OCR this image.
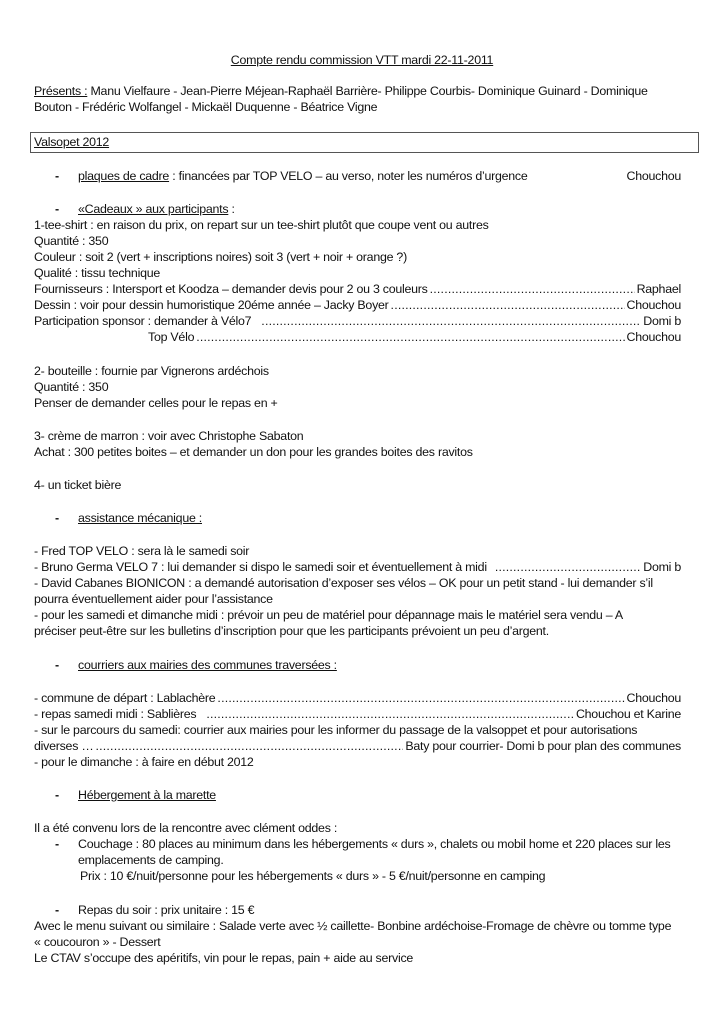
Compte rendu commission VTT mardi 22-11-2011
Présents : Manu Vielfaure - Jean-Pierre Méjean-Raphaël Barrière- Philippe Courbis- Dominique Guinard - Dominique
Bouton - Frédéric Wolfangel - Mickaël Duquenne - Béatrice Vigne
Valsopet 2012
- plaques de cadre : financées par TOP VELO – au verso, noter les numéros d’urgence	Chouchou
- «Cadeaux » aux participants :
1-tee-shirt : en raison du prix, on repart sur un tee-shirt plutôt que coupe vent ou autres
Quantité : 350
Couleur : soit 2 (vert + inscriptions noires) soit 3 (vert + noir + orange ?)
Qualité : tissu technique
Fournisseurs : Intersport et Koodza – demander devis pour 2 ou 3 couleurs .....	Raphael
Dessin : voir pour dessin humoristique 20éme année – Jacky Boyer .....	Chouchou
Participation sponsor : demander à Vélo7 .....	Domi b
Top Vélo .....	Chouchou
2- bouteille : fournie par Vignerons ardéchois
Quantité : 350
Penser de demander celles pour le repas en +
3- crème de marron : voir avec Christophe Sabaton
Achat : 300 petites boites – et demander un don pour les grandes boites des ravitos
4- un ticket bière
- assistance mécanique :
- Fred TOP VELO : sera là le samedi soir
- Bruno Germa VELO 7 : lui demander si dispo le samedi soir et éventuellement à midi .....	Domi b
- David Cabanes BIONICON : a demandé autorisation d’exposer ses vélos – OK pour un petit stand - lui demander s’il
pourra éventuellement aider pour l’assistance
- pour les samedi et dimanche midi : prévoir un peu de matériel pour dépannage mais le matériel sera vendu – A
préciser peut-être sur les bulletins d’inscription pour que les participants prévoient un peu d’argent.
- courriers aux mairies des communes traversées :
- commune de départ : Lablachère .....	Chouchou
- repas samedi midi : Sablières .....	Chouchou et Karine
- sur le parcours du samedi: courrier aux mairies pour les informer du passage de la valsoppet et pour autorisations
diverses … .....	Baty pour courrier- Domi b pour plan des communes
- pour le dimanche : à faire en début 2012
- Hébergement à la marette
Il a été convenu lors de la rencontre avec clément oddes :
- Couchage : 80 places au minimum dans les hébergements « durs », chalets ou mobil home et 220 places sur les
emplacements de camping.
Prix : 10 €/nuit/personne pour les hébergements « durs » - 5 €/nuit/personne en camping
- Repas du soir : prix unitaire : 15 €
Avec le menu suivant ou similaire : Salade verte avec ½ caillette- Bonbine ardéchoise-Fromage de chèvre ou tomme type
« coucouron » - Dessert
Le CTAV s’occupe des apéritifs, vin pour le repas, pain + aide au service
